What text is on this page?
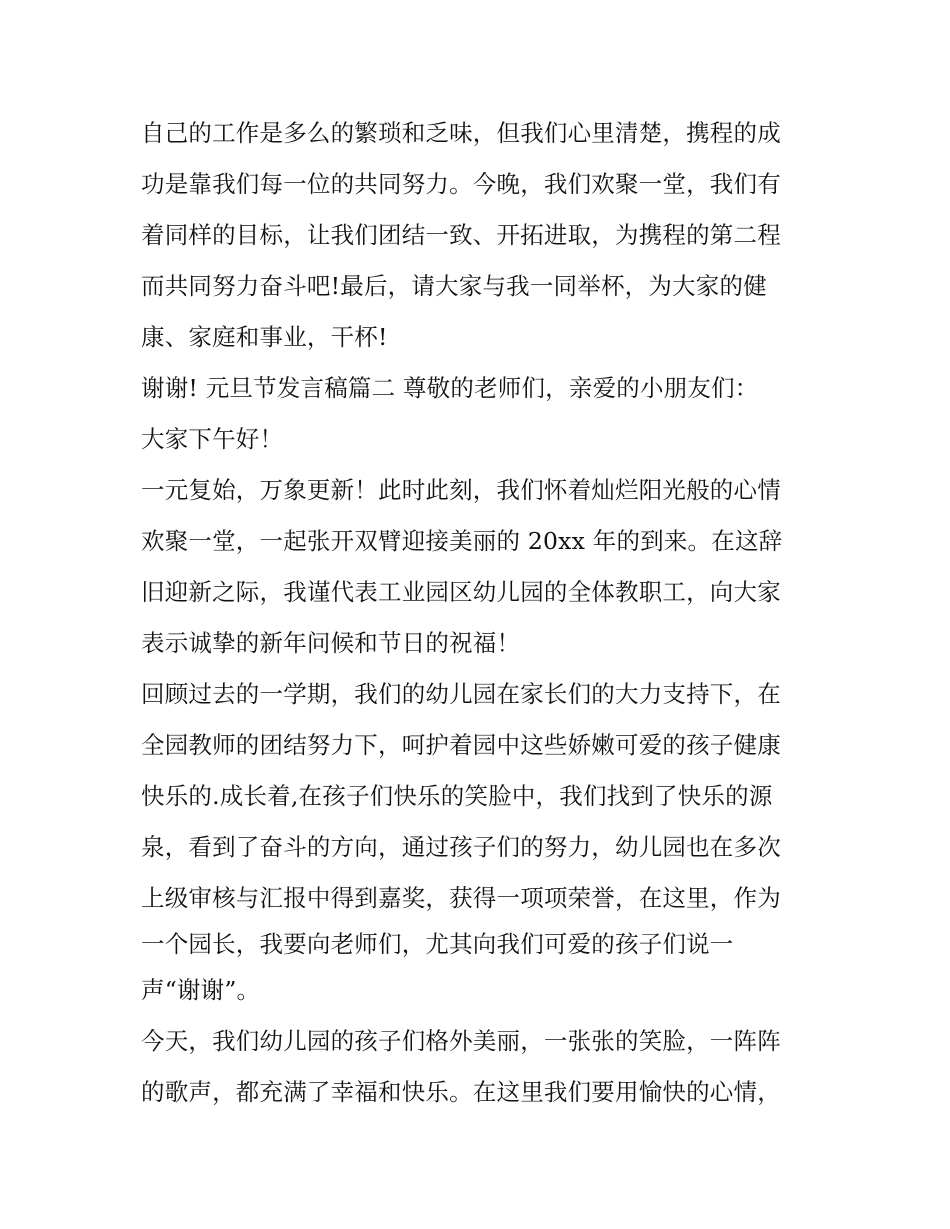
自己的工作是多么的繁琐和乏味，但我们心里清楚，携程的成
功是靠我们每一位的共同努力。今晚，我们欢聚一堂，我们有
着同样的目标，让我们团结一致、开拓进取，为携程的第二程
而共同努力奋斗吧!最后，请大家与我一同举杯，为大家的健
康、家庭和事业，干杯!
谢谢! 元旦节发言稿篇二 尊敬的老师们，亲爱的小朋友们：
大家下午好！
一元复始，万象更新！此时此刻，我们怀着灿烂阳光般的心情
欢聚一堂，一起张开双臂迎接美丽的 20xx 年的到来。在这辞
旧迎新之际，我谨代表工业园区幼儿园的全体教职工，向大家
表示诚挚的新年问候和节日的祝福！
回顾过去的一学期，我们的幼儿园在家长们的大力支持下，在
全园教师的团结努力下，呵护着园中这些娇嫩可爱的孩子健康
快乐的.成长着,在孩子们快乐的笑脸中，我们找到了快乐的源
泉，看到了奋斗的方向，通过孩子们的努力，幼儿园也在多次
上级审核与汇报中得到嘉奖，获得一项项荣誉，在这里，作为
一个园长，我要向老师们，尤其向我们可爱的孩子们说一
声“谢谢”。
今天，我们幼儿园的孩子们格外美丽，一张张的笑脸，一阵阵
的歌声，都充满了幸福和快乐。在这里我们要用愉快的心情，
